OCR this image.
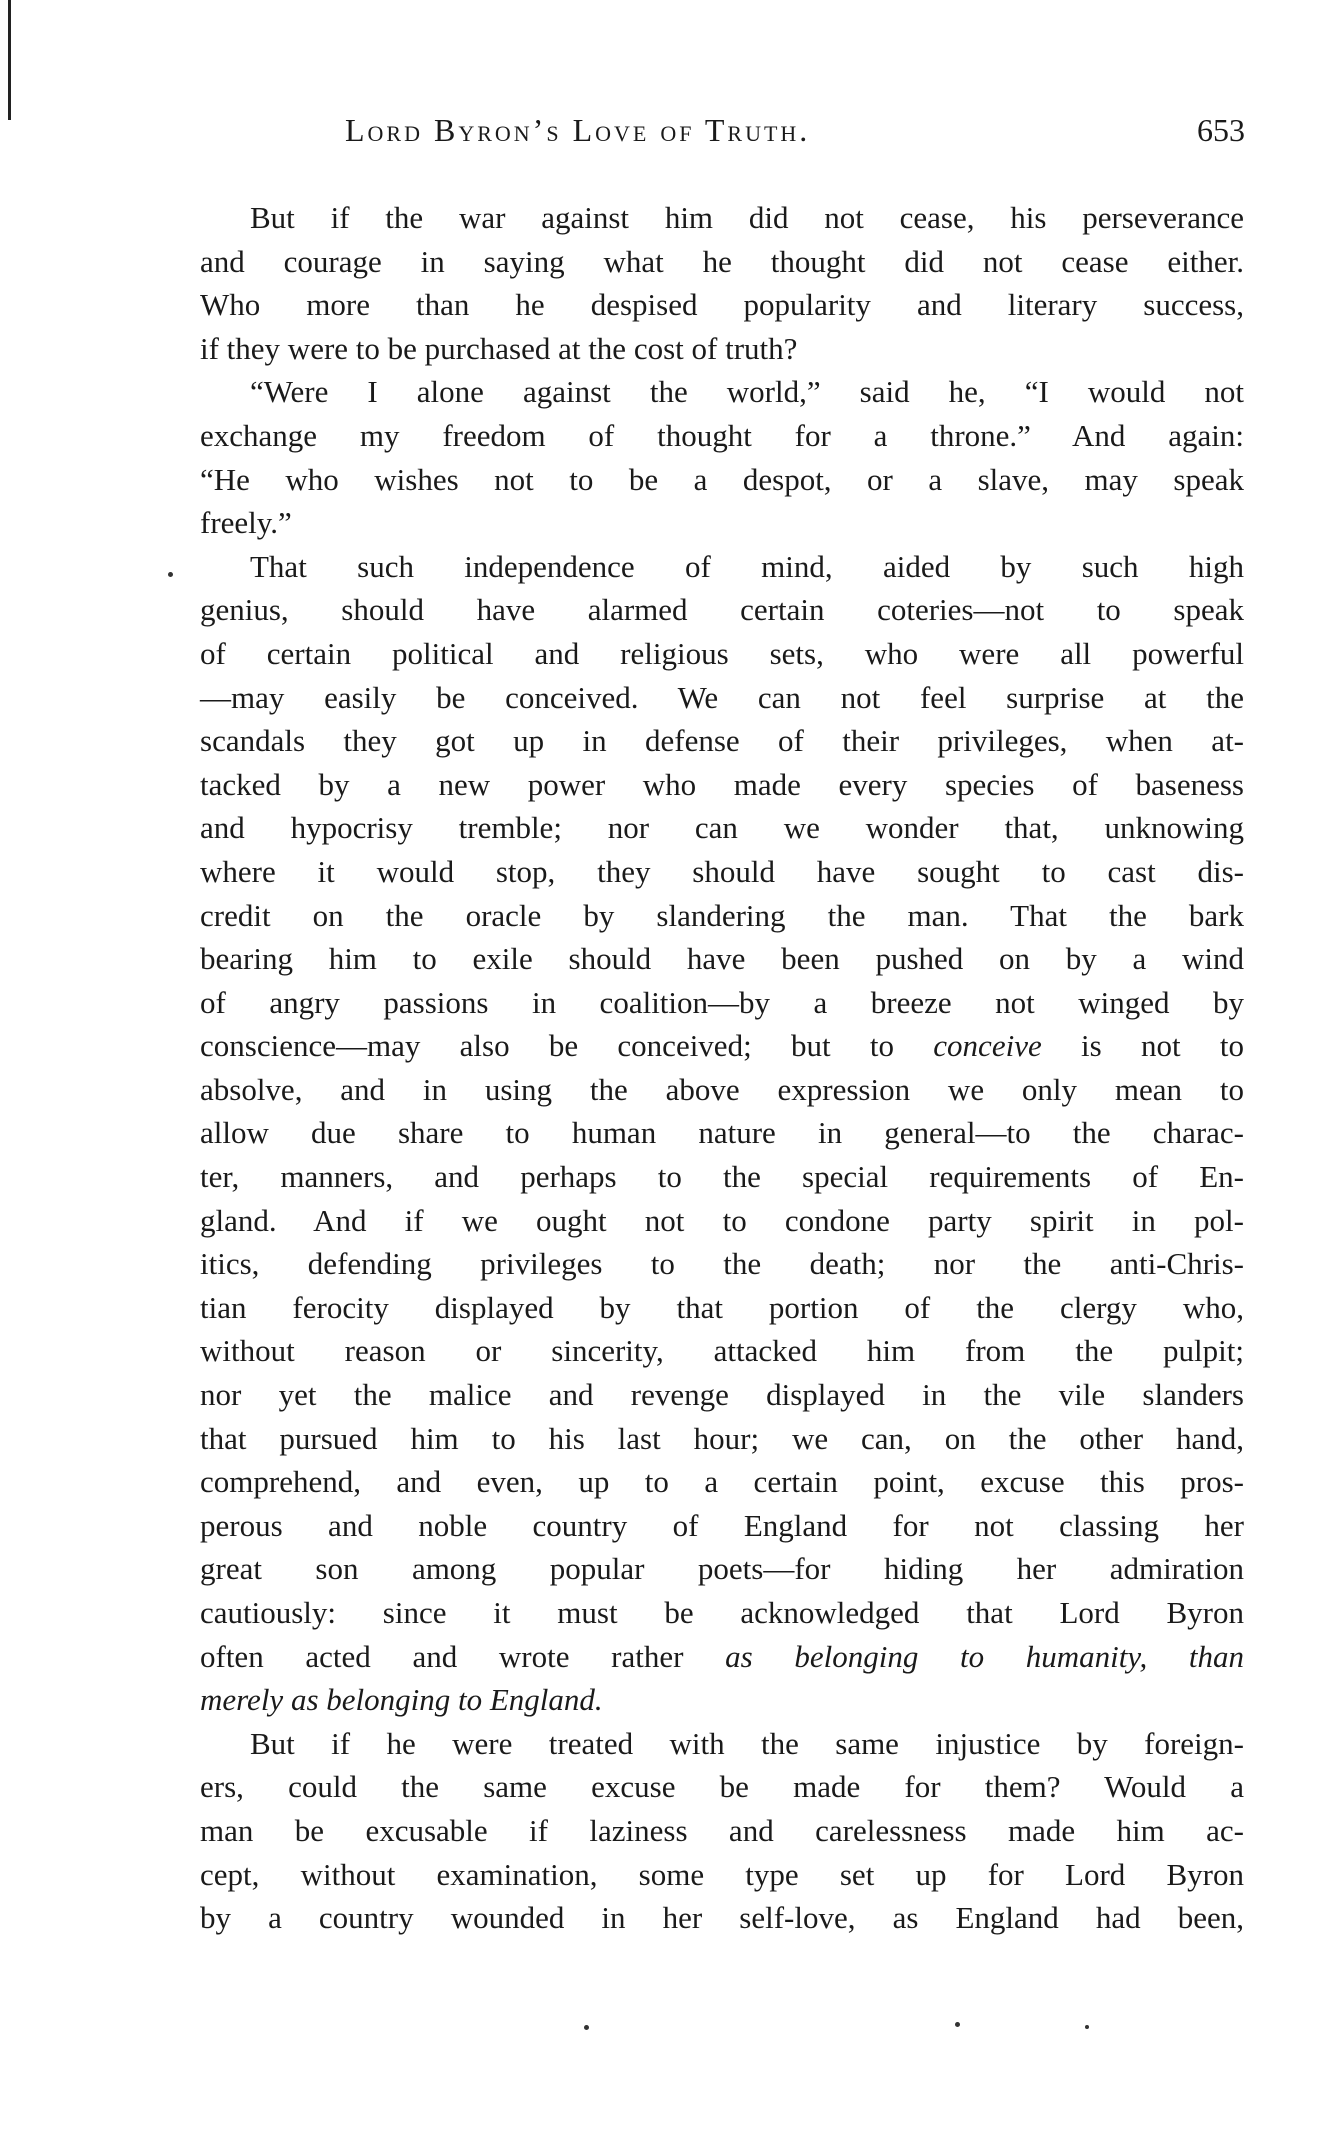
Lord Byron’s Love of Truth.	653
But if the war against him did not cease, his perseverance
and courage in saying what he thought did not cease either.
Who more than he despised popularity and literary success,
if they were to be purchased at the cost of truth?
“Were I alone against the world,” said he, “I would not
exchange my freedom of thought for a throne.” And again:
“He who wishes not to be a despot, or a slave, may speak
freely.”
That such independence of mind, aided by such high
genius, should have alarmed certain coteries—not to speak
of certain political and religious sets, who were all powerful
—may easily be conceived. We can not feel surprise at the
scandals they got up in defense of their privileges, when at-
tacked by a new power who made every species of baseness
and hypocrisy tremble; nor can we wonder that, unknowing
where it would stop, they should have sought to cast dis-
credit on the oracle by slandering the man. That the bark
bearing him to exile should have been pushed on by a wind
of angry passions in coalition—by a breeze not winged by
conscience—may also be conceived; but to conceive is not to
absolve, and in using the above expression we only mean to
allow due share to human nature in general—to the charac-
ter, manners, and perhaps to the special requirements of En-
gland. And if we ought not to condone party spirit in pol-
itics, defending privileges to the death; nor the anti-Chris-
tian ferocity displayed by that portion of the clergy who,
without reason or sincerity, attacked him from the pulpit;
nor yet the malice and revenge displayed in the vile slanders
that pursued him to his last hour; we can, on the other hand,
comprehend, and even, up to a certain point, excuse this pros-
perous and noble country of England for not classing her
great son among popular poets—for hiding her admiration
cautiously: since it must be acknowledged that Lord Byron
often acted and wrote rather as belonging to humanity, than
merely as belonging to England.
But if he were treated with the same injustice by foreign-
ers, could the same excuse be made for them? Would a
man be excusable if laziness and carelessness made him ac-
cept, without examination, some type set up for Lord Byron
by a country wounded in her self-love, as England had been,
